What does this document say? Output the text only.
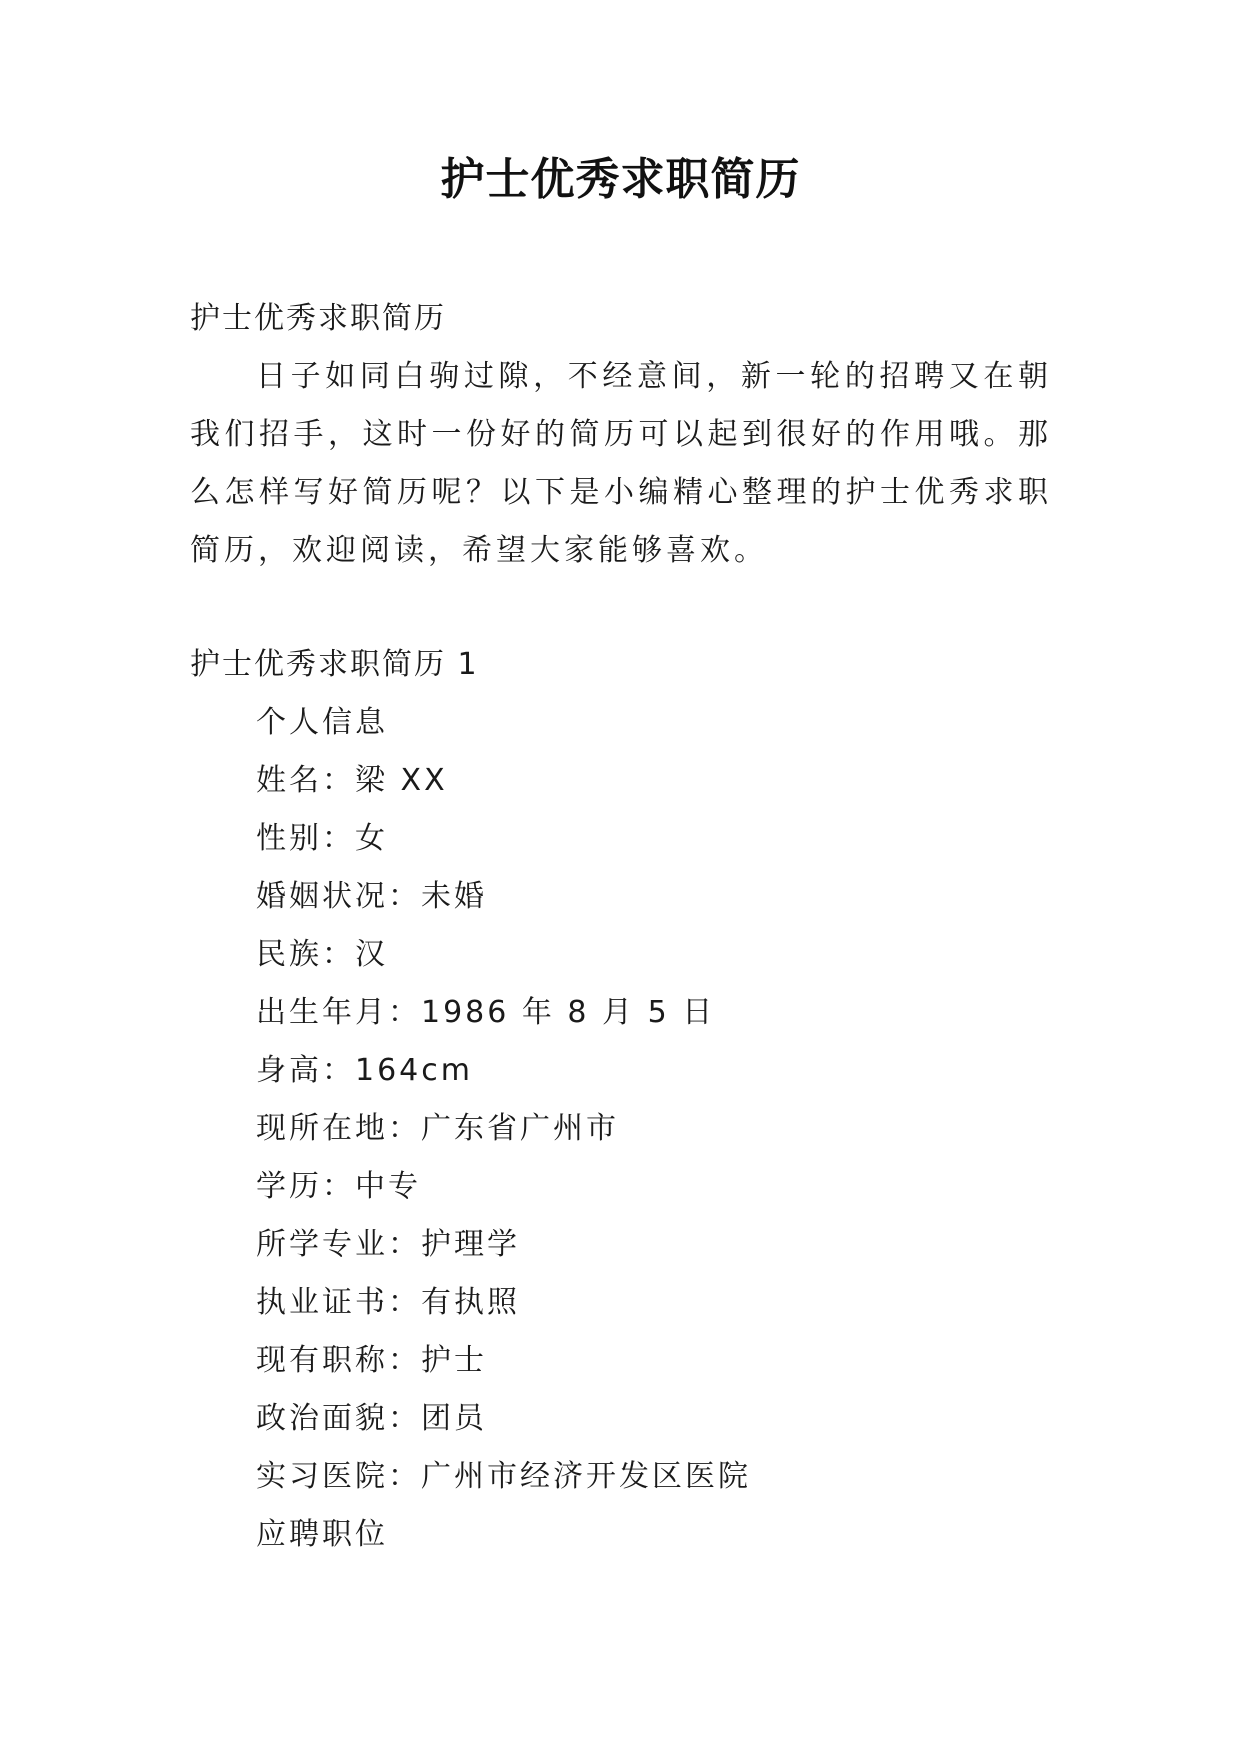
护士优秀求职简历
护士优秀求职简历

日子如同白驹过隙，不经意间，新一轮的招聘又在朝我们招手，这时一份好的简历可以起到很好的作用哦。那么怎样写好简历呢？以下是小编精心整理的护士优秀求职简历，欢迎阅读，希望大家能够喜欢。

护士优秀求职简历 1
个人信息
姓名：梁 XX
性别：女
婚姻状况：未婚
民族：汉
出生年月：1986 年 8 月 5 日
身高：164cm
现所在地：广东省广州市
学历：中专
所学专业：护理学
执业证书：有执照
现有职称：护士
政治面貌：团员
实习医院：广州市经济开发区医院
应聘职位
